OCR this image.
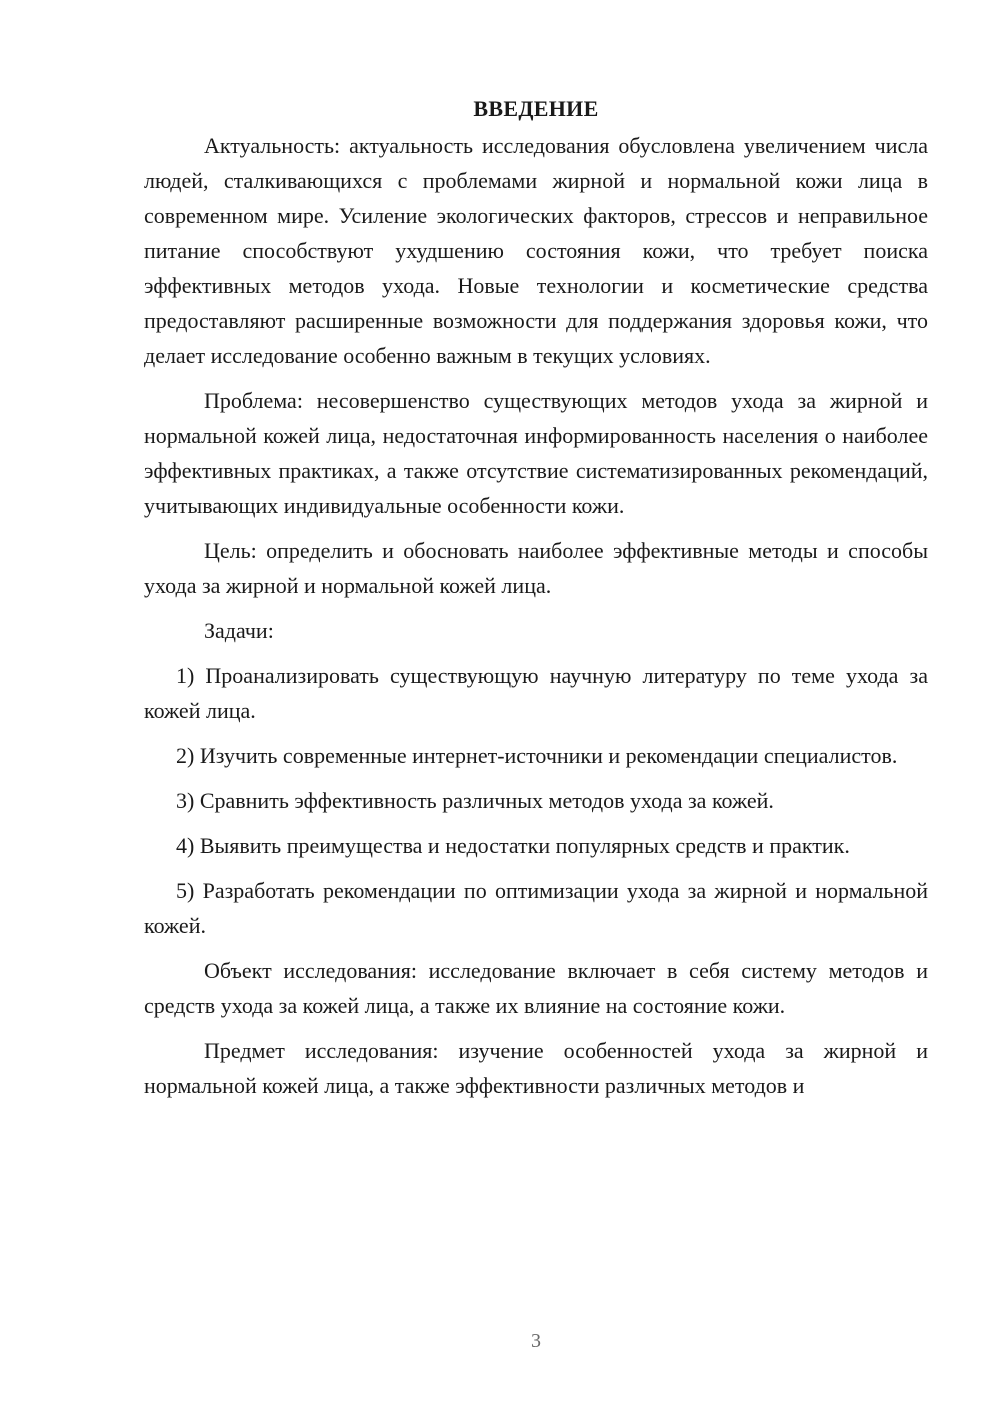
ВВЕДЕНИЕ

Актуальность: актуальность исследования обусловлена увеличением числа людей, сталкивающихся с проблемами жирной и нормальной кожи лица в современном мире. Усиление экологических факторов, стрессов и неправильное питание способствуют ухудшению состояния кожи, что требует поиска эффективных методов ухода. Новые технологии и косметические средства предоставляют расширенные возможности для поддержания здоровья кожи, что делает исследование особенно важным в текущих условиях.

Проблема: несовершенство существующих методов ухода за жирной и нормальной кожей лица, недостаточная информированность населения о наиболее эффективных практиках, а также отсутствие систематизированных рекомендаций, учитывающих индивидуальные особенности кожи.

Цель: определить и обосновать наиболее эффективные методы и способы ухода за жирной и нормальной кожей лица.

Задачи:

1) Проанализировать существующую научную литературу по теме ухода за кожей лица.

2) Изучить современные интернет-источники и рекомендации специалистов.

3) Сравнить эффективность различных методов ухода за кожей.

4) Выявить преимущества и недостатки популярных средств и практик.

5) Разработать рекомендации по оптимизации ухода за жирной и нормальной кожей.

Объект исследования: исследование включает в себя систему методов и средств ухода за кожей лица, а также их влияние на состояние кожи.

Предмет исследования: изучение особенностей ухода за жирной и нормальной кожей лица, а также эффективности различных методов и

3
